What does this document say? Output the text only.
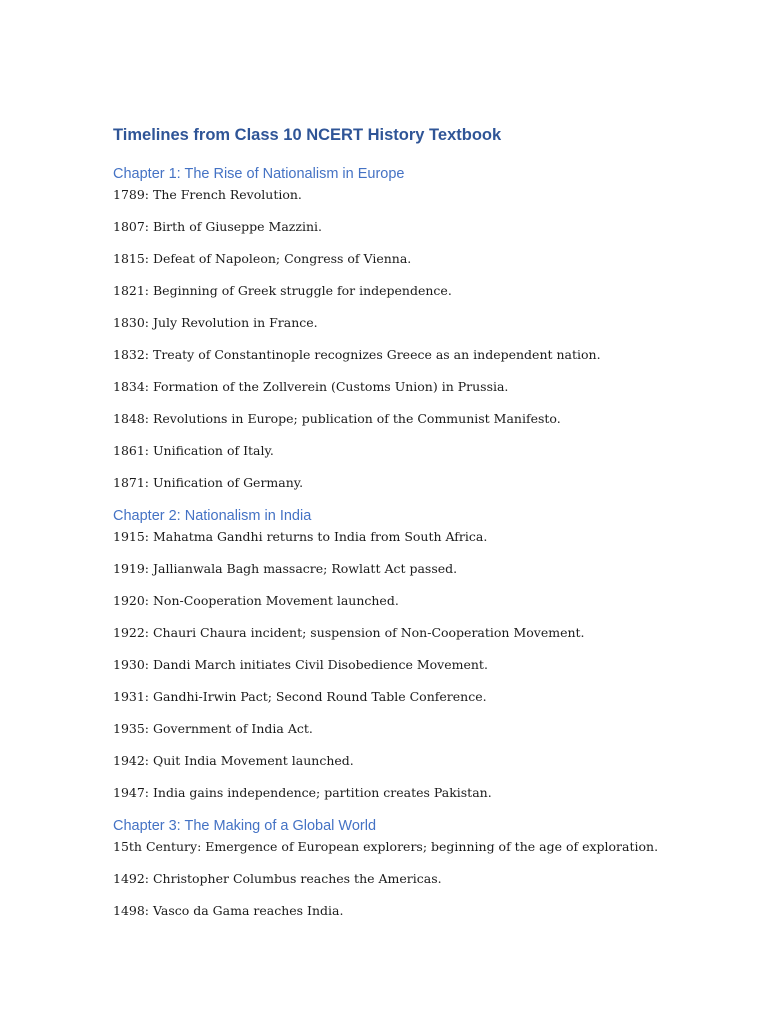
Timelines from Class 10 NCERT History Textbook
Chapter 1: The Rise of Nationalism in Europe

1789: The French Revolution.

1807: Birth of Giuseppe Mazzini.

1815: Defeat of Napoleon; Congress of Vienna.

1821: Beginning of Greek struggle for independence.

1830: July Revolution in France.

1832: Treaty of Constantinople recognizes Greece as an independent nation.

1834: Formation of the Zollverein (Customs Union) in Prussia.

1848: Revolutions in Europe; publication of the Communist Manifesto.

1861: Unification of Italy.

1871: Unification of Germany.

Chapter 2: Nationalism in India

1915: Mahatma Gandhi returns to India from South Africa.

1919: Jallianwala Bagh massacre; Rowlatt Act passed.

1920: Non-Cooperation Movement launched.

1922: Chauri Chaura incident; suspension of Non-Cooperation Movement.

1930: Dandi March initiates Civil Disobedience Movement.

1931: Gandhi-Irwin Pact; Second Round Table Conference.

1935: Government of India Act.

1942: Quit India Movement launched.

1947: India gains independence; partition creates Pakistan.

Chapter 3: The Making of a Global World

15th Century: Emergence of European explorers; beginning of the age of exploration.

1492: Christopher Columbus reaches the Americas.

1498: Vasco da Gama reaches India.
